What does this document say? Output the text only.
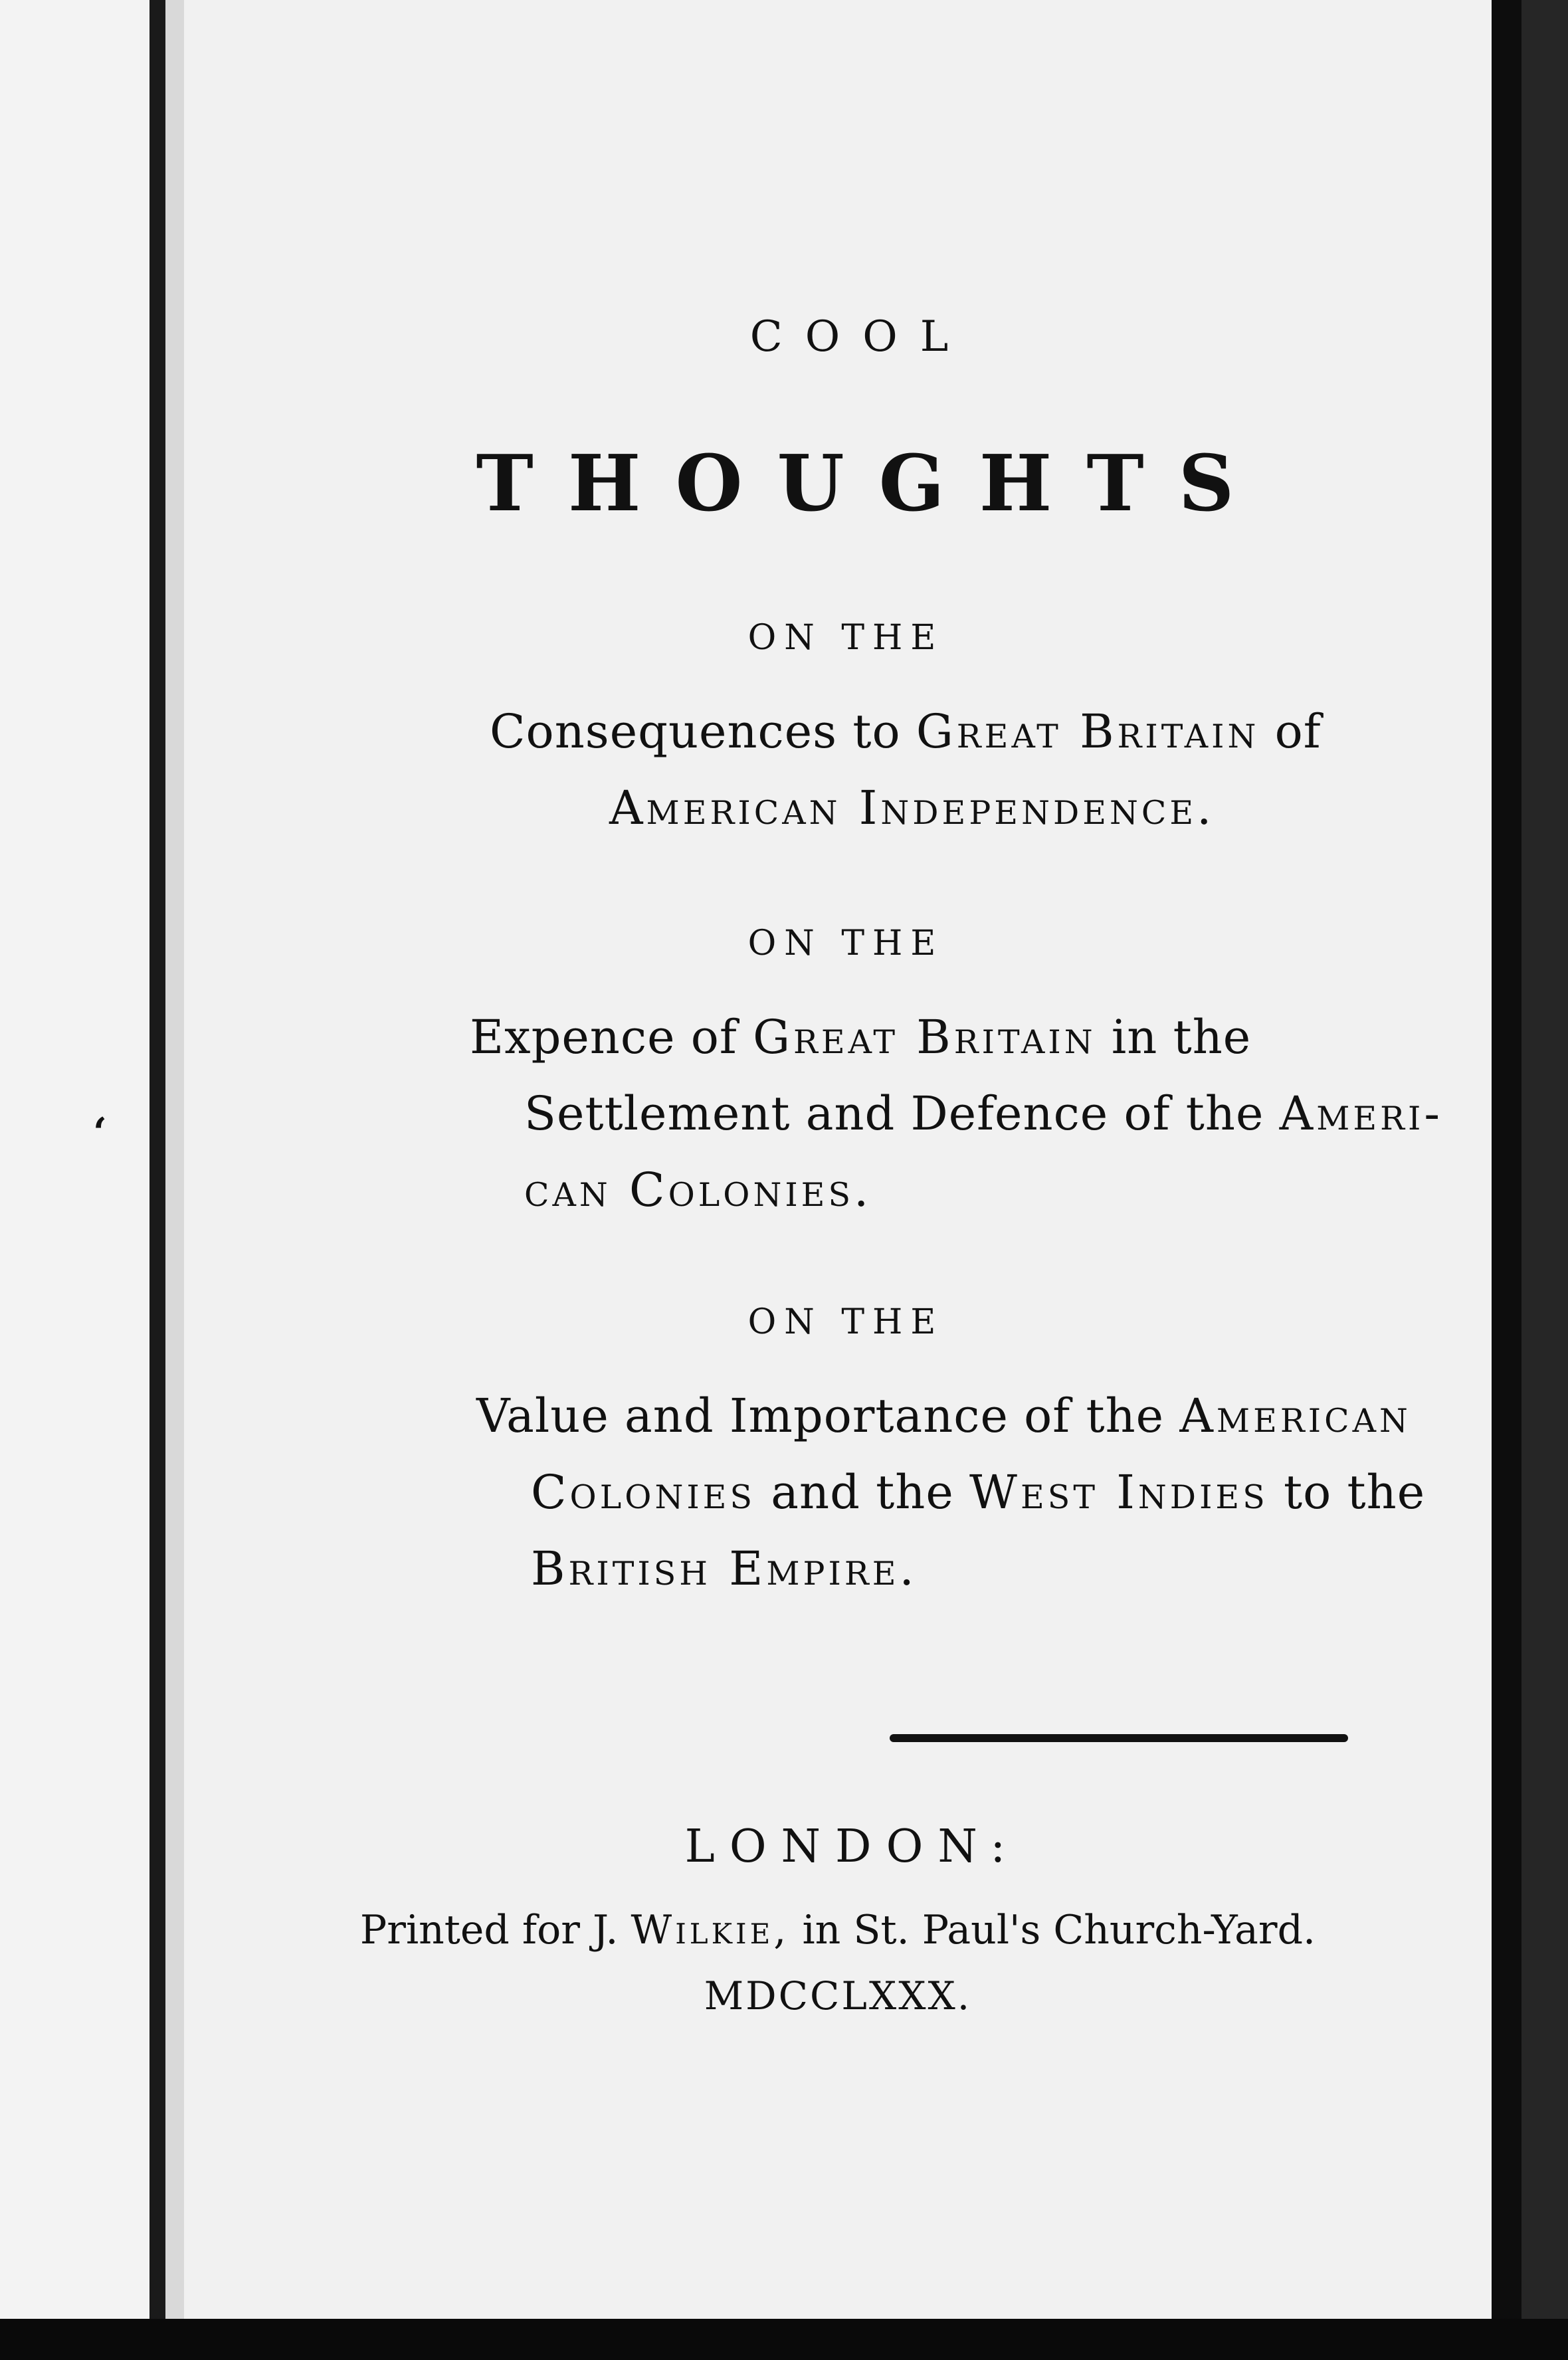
ʻ
COOL
THOUGHTS
ON THE
Consequences to Great Britain of
American Independence.
ON THE
Expence of Great Britain in the
Settlement and Defence of the Ameri-
can Colonies.
ON THE
Value and Importance of the American
Colonies and the West Indies to the
British Empire.
LONDON:
Printed for J. Wilkie, in St. Paul's Church-Yard.
MDCCLXXX.
